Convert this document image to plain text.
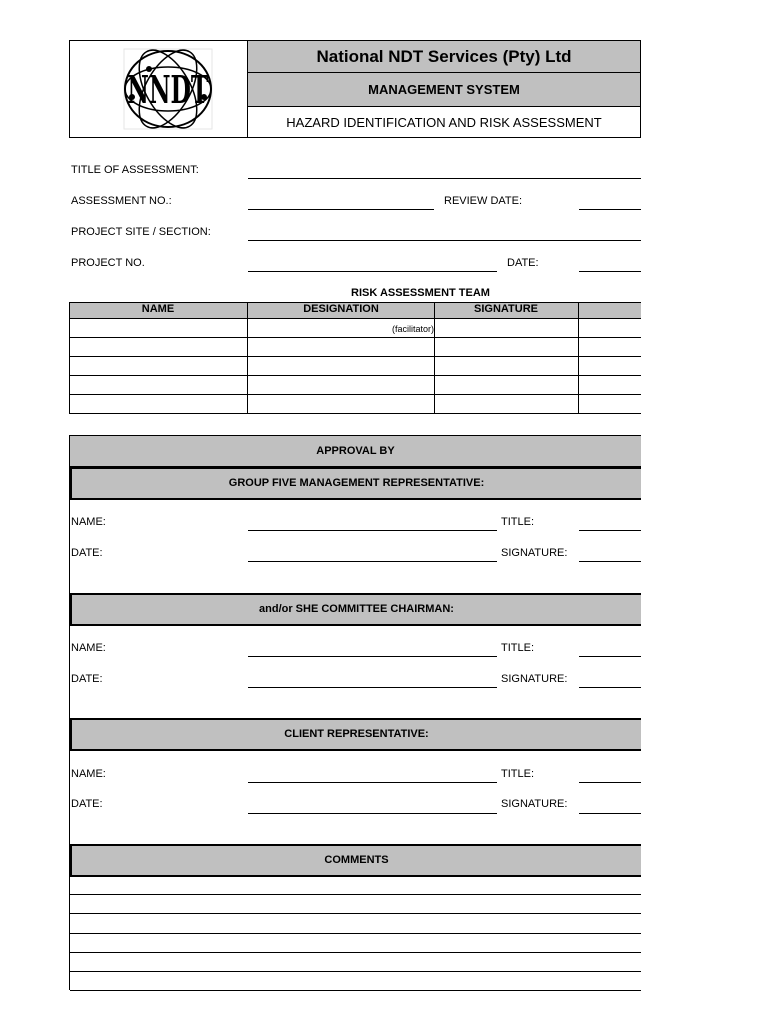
NNDT
National NDT Services (Pty) Ltd
MANAGEMENT SYSTEM
HAZARD IDENTIFICATION AND RISK ASSESSMENT
TITLE OF ASSESSMENT:
ASSESSMENT NO.:	REVIEW DATE:
PROJECT SITE / SECTION:
PROJECT NO.	DATE:
RISK ASSESSMENT TEAM
NAME	DESIGNATION	SIGNATURE
(facilitator)
APPROVAL BY
GROUP FIVE MANAGEMENT REPRESENTATIVE:
NAME:	TITLE:
DATE:	SIGNATURE:
and/or SHE COMMITTEE CHAIRMAN:
NAME:	TITLE:
DATE:	SIGNATURE:
CLIENT REPRESENTATIVE:
NAME:	TITLE:
DATE:	SIGNATURE:
COMMENTS
